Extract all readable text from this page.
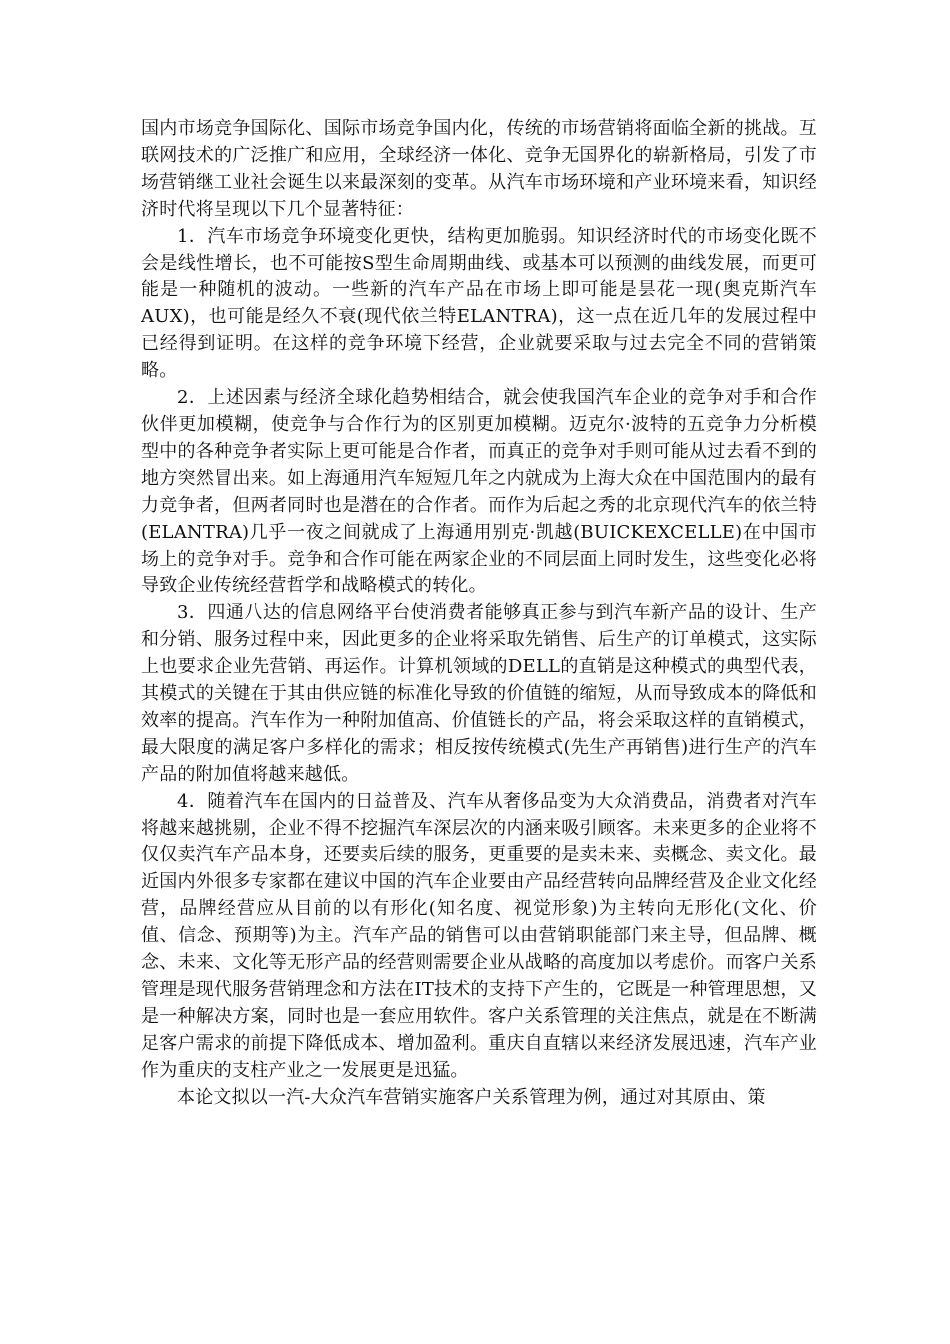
国内市场竞争国际化、国际市场竞争国内化，传统的市场营销将面临全新的挑战。互联网技术的广泛推广和应用，全球经济一体化、竞争无国界化的崭新格局，引发了市场营销继工业社会诞生以来最深刻的变革。从汽车市场环境和产业环境来看，知识经济时代将呈现以下几个显著特征：

1．汽车市场竞争环境变化更快，结构更加脆弱。知识经济时代的市场变化既不会是线性增长，也不可能按S型生命周期曲线、或基本可以预测的曲线发展，而更可能是一种随机的波动。一些新的汽车产品在市场上即可能是昙花一现(奥克斯汽车AUX)，也可能是经久不衰(现代依兰特ELANTRA)，这一点在近几年的发展过程中已经得到证明。在这样的竞争环境下经营，企业就要采取与过去完全不同的营销策略。

2．上述因素与经济全球化趋势相结合，就会使我国汽车企业的竞争对手和合作伙伴更加模糊，使竞争与合作行为的区别更加模糊。迈克尔·波特的五竞争力分析模型中的各种竞争者实际上更可能是合作者，而真正的竞争对手则可能从过去看不到的地方突然冒出来。如上海通用汽车短短几年之内就成为上海大众在中国范围内的最有力竞争者，但两者同时也是潜在的合作者。而作为后起之秀的北京现代汽车的依兰特(ELANTRA)几乎一夜之间就成了上海通用别克·凯越(BUICKEXCELLE)在中国市场上的竞争对手。竞争和合作可能在两家企业的不同层面上同时发生，这些变化必将导致企业传统经营哲学和战略模式的转化。

3．四通八达的信息网络平台使消费者能够真正参与到汽车新产品的设计、生产和分销、服务过程中来，因此更多的企业将采取先销售、后生产的订单模式，这实际上也要求企业先营销、再运作。计算机领域的DELL的直销是这种模式的典型代表，其模式的关键在于其由供应链的标准化导致的价值链的缩短，从而导致成本的降低和效率的提高。汽车作为一种附加值高、价值链长的产品，将会采取这样的直销模式，最大限度的满足客户多样化的需求；相反按传统模式(先生产再销售)进行生产的汽车产品的附加值将越来越低。

4．随着汽车在国内的日益普及、汽车从奢侈品变为大众消费品，消费者对汽车将越来越挑剔，企业不得不挖掘汽车深层次的内涵来吸引顾客。未来更多的企业将不仅仅卖汽车产品本身，还要卖后续的服务，更重要的是卖未来、卖概念、卖文化。最近国内外很多专家都在建议中国的汽车企业要由产品经营转向品牌经营及企业文化经营，品牌经营应从目前的以有形化(知名度、视觉形象)为主转向无形化(文化、价值、信念、预期等)为主。汽车产品的销售可以由营销职能部门来主导，但品牌、概念、未来、文化等无形产品的经营则需要企业从战略的高度加以考虑价。而客户关系管理是现代服务营销理念和方法在IT技术的支持下产生的，它既是一种管理思想，又是一种解决方案，同时也是一套应用软件。客户关系管理的关注焦点，就是在不断满足客户需求的前提下降低成本、增加盈利。重庆自直辖以来经济发展迅速，汽车产业作为重庆的支柱产业之一发展更是迅猛。

本论文拟以一汽-大众汽车营销实施客户关系管理为例，通过对其原由、策
